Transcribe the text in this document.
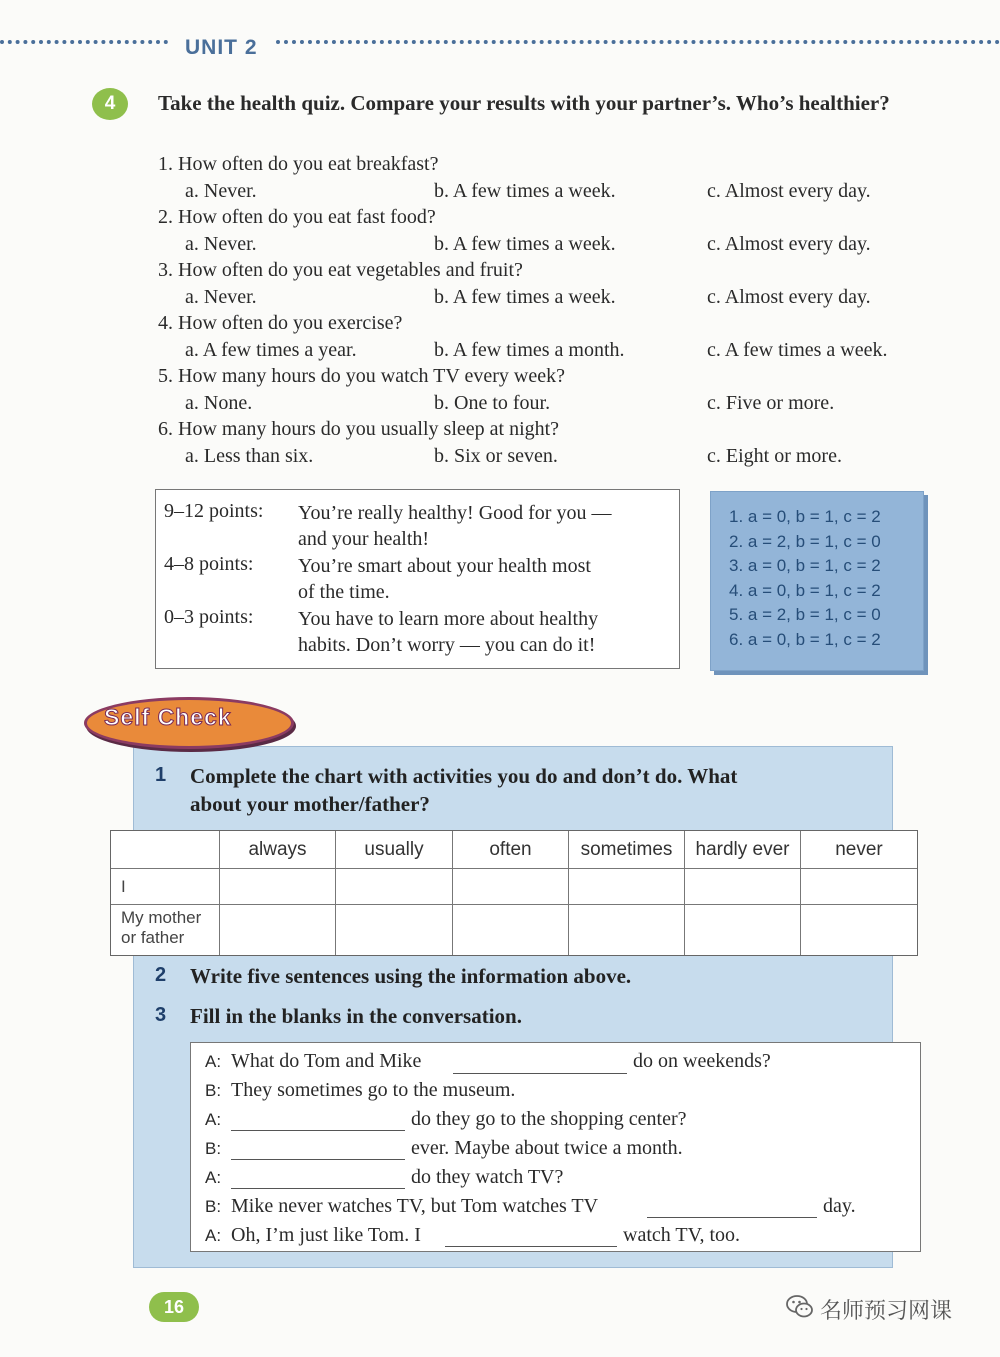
UNIT 2
4	Take the health quiz. Compare your results with your partner’s. Who’s healthier?
1. How often do you eat breakfast?
a. Never.	b. A few times a week.	c. Almost every day.
2. How often do you eat fast food?
a. Never.	b. A few times a week.	c. Almost every day.
3. How often do you eat vegetables and fruit?
a. Never.	b. A few times a week.	c. Almost every day.
4. How often do you exercise?
a. A few times a year.	b. A few times a month.	c. A few times a week.
5. How many hours do you watch TV every week?
a. None.	b. One to four.	c. Five or more.
6. How many hours do you usually sleep at night?
a. Less than six.	b. Six or seven.	c. Eight or more.
9–12 points: You’re really healthy! Good for you —
and your health!
4–8 points: You’re smart about your health most
of the time.
0–3 points: You have to learn more about healthy
habits. Don’t worry — you can do it!
1. a = 0, b = 1, c = 2
2. a = 2, b = 1, c = 0
3. a = 0, b = 1, c = 2
4. a = 0, b = 1, c = 2
5. a = 2, b = 1, c = 0
6. a = 0, b = 1, c = 2
Self Check
1 Complete the chart with activities you do and don’t do. What
about your mother/father?
always	usually	often	sometimes	hardly ever	never
I
My mother
or father
2 Write five sentences using the information above.
3 Fill in the blanks in the conversation.
A: What do Tom and Mike	do on weekends?
B: They sometimes go to the museum.
A:	do they go to the shopping center?
B:	ever. Maybe about twice a month.
A:	do they watch TV?
B: Mike never watches TV, but Tom watches TV	day.
A: Oh, I’m just like Tom. I	watch TV, too.
16	名师预习网课
